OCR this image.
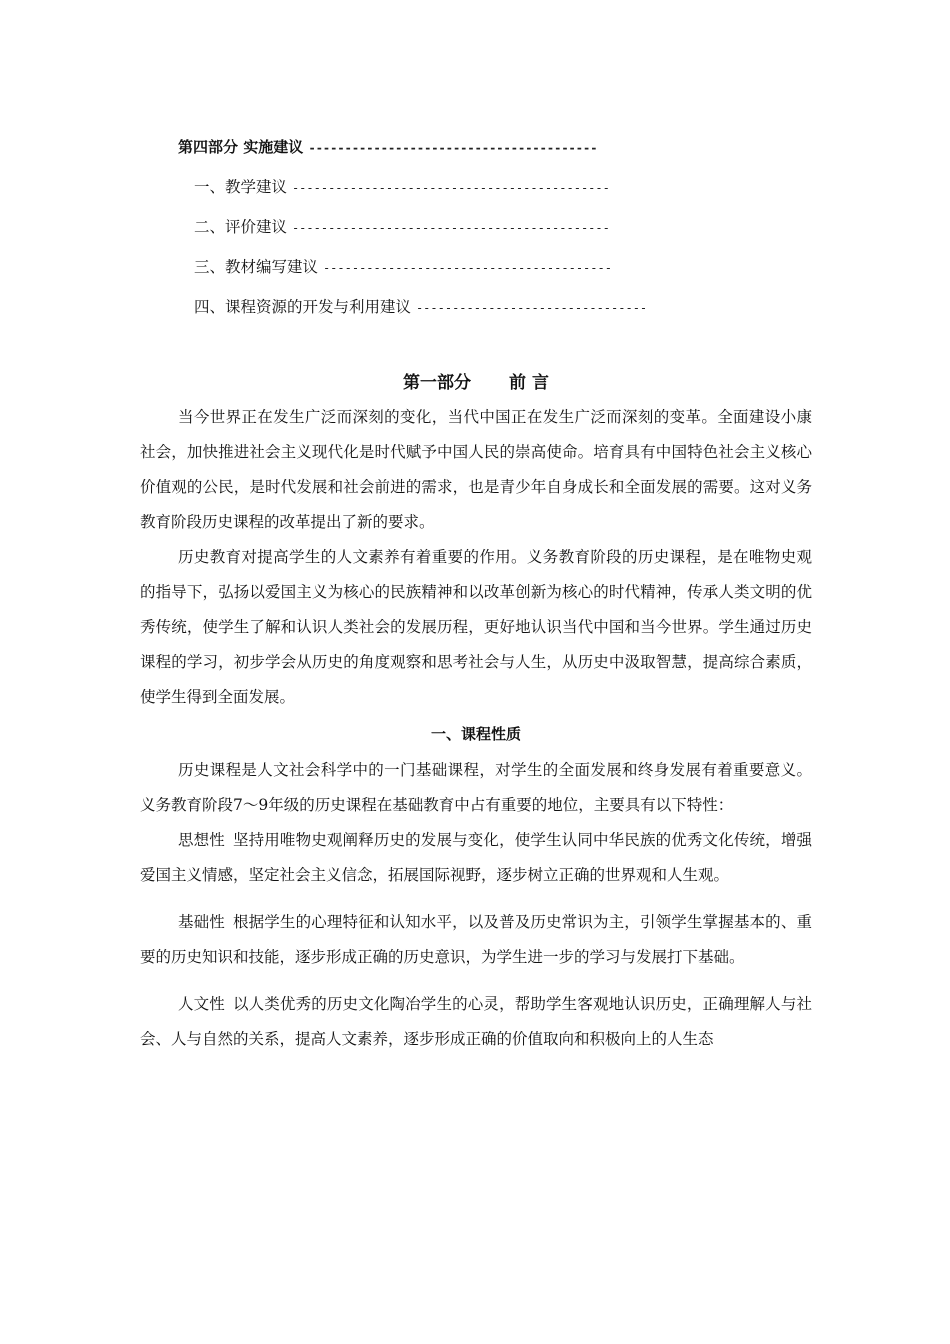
第四部分 实施建议 ----------------------------------------
一、教学建议 --------------------------------------------
二、评价建议 --------------------------------------------
三、教材编写建议 ----------------------------------------
四、课程资源的开发与利用建议 --------------------------------
第一部分 前 言

当今世界正在发生广泛而深刻的变化，当代中国正在发生广泛而深刻的变革。全面建设小康社会，加快推进社会主义现代化是时代赋予中国人民的崇高使命。培育具有中国特色社会主义核心价值观的公民，是时代发展和社会前进的需求，也是青少年自身成长和全面发展的需要。这对义务教育阶段历史课程的改革提出了新的要求。

历史教育对提高学生的人文素养有着重要的作用。义务教育阶段的历史课程，是在唯物史观的指导下，弘扬以爱国主义为核心的民族精神和以改革创新为核心的时代精神，传承人类文明的优秀传统，使学生了解和认识人类社会的发展历程，更好地认识当代中国和当今世界。学生通过历史课程的学习，初步学会从历史的角度观察和思考社会与人生，从历史中汲取智慧，提高综合素质，使学生得到全面发展。

一、课程性质

历史课程是人文社会科学中的一门基础课程，对学生的全面发展和终身发展有着重要意义。义务教育阶段7～9年级的历史课程在基础教育中占有重要的地位，主要具有以下特性：

思想性 坚持用唯物史观阐释历史的发展与变化，使学生认同中华民族的优秀文化传统，增强爱国主义情感，坚定社会主义信念，拓展国际视野，逐步树立正确的世界观和人生观。

基础性 根据学生的心理特征和认知水平，以及普及历史常识为主，引领学生掌握基本的、重要的历史知识和技能，逐步形成正确的历史意识，为学生进一步的学习与发展打下基础。

人文性 以人类优秀的历史文化陶冶学生的心灵，帮助学生客观地认识历史，正确理解人与社会、人与自然的关系，提高人文素养，逐步形成正确的价值取向和积极向上的人生态
